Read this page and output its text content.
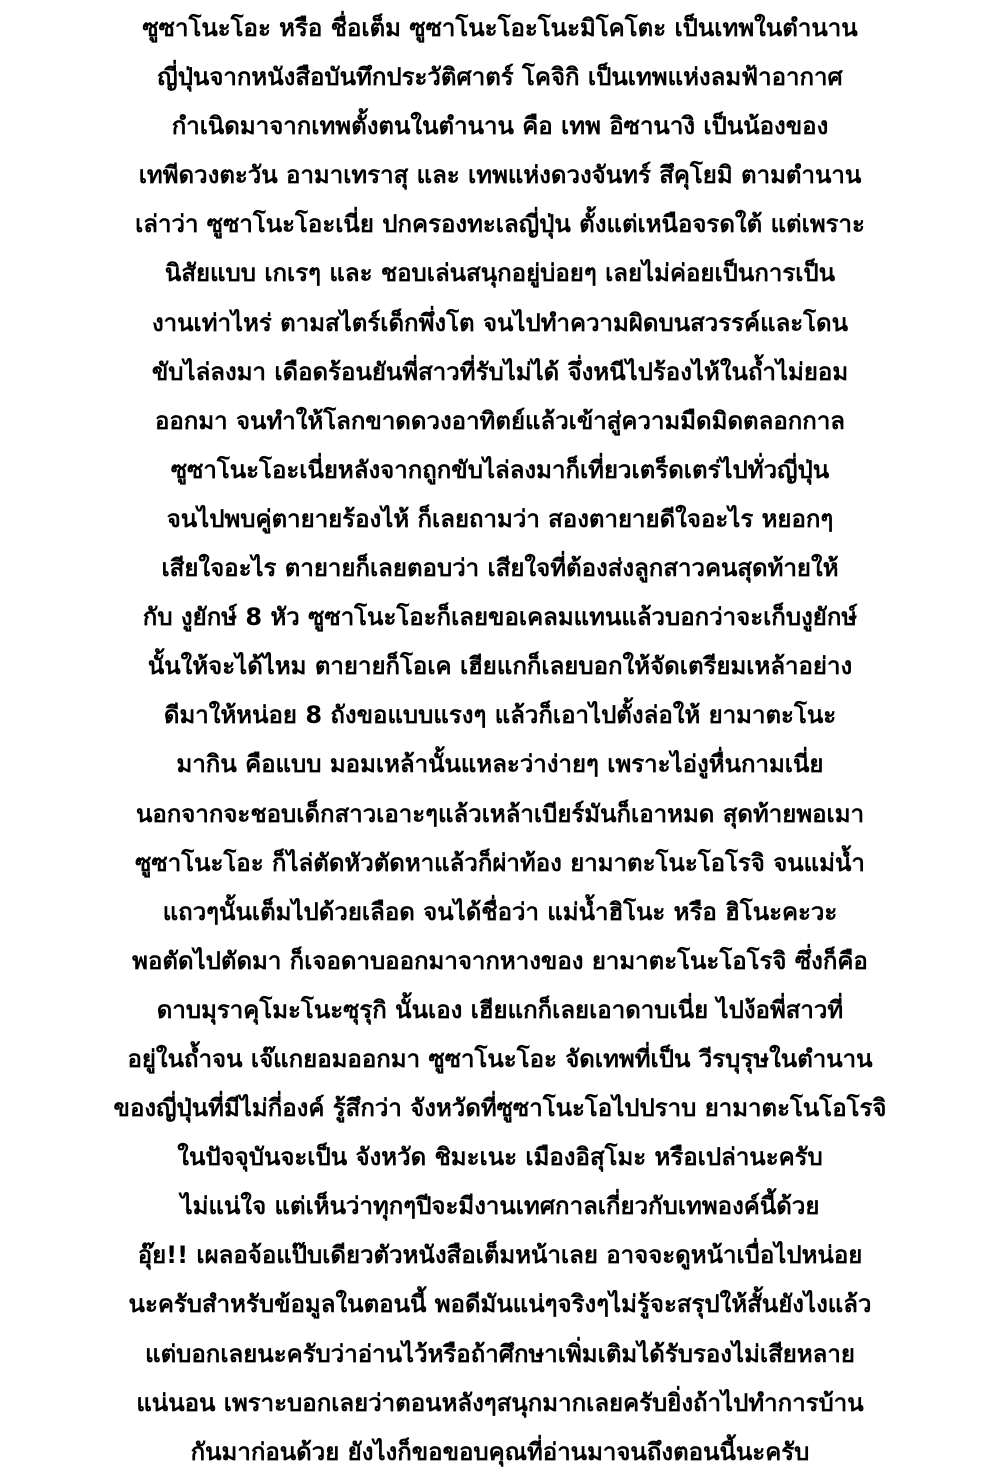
ซูซาโนะโอะ หรือ ชื่อเต็ม ซูซาโนะโอะโนะมิโคโตะ เป็นเทพในตำนาน
ญี่ปุ่นจากหนังสือบันทึกประวัติศาตร์ โคจิกิ เป็นเทพแห่งลมฟ้าอากาศ
กำเนิดมาจากเทพตั้งตนในตำนาน คือ เทพ อิซานางิ เป็นน้องของ
เทพีดวงตะวัน อามาเทราสุ และ เทพแห่งดวงจันทร์ สึคุโยมิ ตามตำนาน
เล่าว่า ซูซาโนะโอะเนี่ย ปกครองทะเลญี่ปุ่น ตั้งแต่เหนือจรดใต้ แต่เพราะ
นิสัยแบบ เกเรๆ และ ชอบเล่นสนุกอยู่บ่อยๆ เลยไม่ค่อยเป็นการเป็น
งานเท่าไหร่ ตามสไตร์เด็กพึ่งโต จนไปทำความผิดบนสวรรค์และโดน
ขับไล่ลงมา เดือดร้อนยันพี่สาวที่รับไม่ได้ จึ่งหนีไปร้องไห้ในถ้ำไม่ยอม
ออกมา จนทำให้โลกขาดดวงอาทิตย์แล้วเข้าสู่ความมืดมิดตลอกกาล
ซูซาโนะโอะเนี่ยหลังจากถูกขับไล่ลงมาก็เที่ยวเตร็ดเตร่ไปทั่วญี่ปุ่น
จนไปพบคู่ตายายร้องไห้ ก็เลยถามว่า สองตายายดีใจอะไร หยอกๆ
เสียใจอะไร ตายายก็เลยตอบว่า เสียใจที่ต้องส่งลูกสาวคนสุดท้ายให้
กับ งูยักษ์ 8 หัว ซูซาโนะโอะก็เลยขอเคลมแทนแล้วบอกว่าจะเก็บงูยักษ์
นั้นให้จะได้ไหม ตายายก็โอเค เฮียแกก็เลยบอกให้จัดเตรียมเหล้าอย่าง
ดีมาให้หน่อย 8 ถังขอแบบแรงๆ แล้วก็เอาไปตั้งล่อให้ ยามาตะโนะ
มากิน คือแบบ มอมเหล้านั้นแหละว่าง่ายๆ เพราะไอ่งูหื่นกามเนี่ย
นอกจากจะชอบเด็กสาวเอาะๆแล้วเหล้าเบียร์มันก็เอาหมด สุดท้ายพอเมา
ซูซาโนะโอะ ก็ไล่ตัดหัวตัดหาแล้วก็ผ่าท้อง ยามาตะโนะโอโรจิ จนแม่น้ำ
แถวๆนั้นเต็มไปด้วยเลือด จนได้ชื่อว่า แม่น้ำฮิโนะ หรือ ฮิโนะคะวะ
พอตัดไปตัดมา ก็เจอดาบออกมาจากหางของ ยามาตะโนะโอโรจิ ซึ่งก็คือ
ดาบมุราคุโมะโนะซุรุกิ นั้นเอง เฮียแกก็เลยเอาดาบเนี่ย ไปง้อพี่สาวที่
อยู่ในถ้ำจน เจ๊แกยอมออกมา ซูซาโนะโอะ จัดเทพที่เป็น วีรบุรุษในตำนาน
ของญี่ปุ่นที่มีไม่กี่องค์ รู้สึกว่า จังหวัดที่ซูซาโนะโอไปปราบ ยามาตะโนโอโรจิ
ในปัจจุบันจะเป็น จังหวัด ชิมะเนะ เมืองอิสุโมะ หรือเปล่านะครับ
ไม่แน่ใจ แต่เห็นว่าทุกๆปีจะมีงานเทศกาลเกี่ยวกับเทพองค์นี้ด้วย
อุ๊ย!! เผลอจ้อแป๊บเดียวตัวหนังสือเต็มหน้าเลย อาจจะดูหน้าเบื่อไปหน่อย
นะครับสำหรับข้อมูลในตอนนี้ พอดีมันแน่ๆจริงๆไม่รู้จะสรุปให้สั้นยังไงแล้ว
แต่บอกเลยนะครับว่าอ่านไว้หรือถ้าศึกษาเพิ่มเติมได้รับรองไม่เสียหลาย
แน่นอน เพราะบอกเลยว่าตอนหลังๆสนุกมากเลยครับยิ่งถ้าไปทำการบ้าน
กันมาก่อนด้วย ยังไงก็ขอขอบคุณที่อ่านมาจนถึงตอนนี้นะครับ
